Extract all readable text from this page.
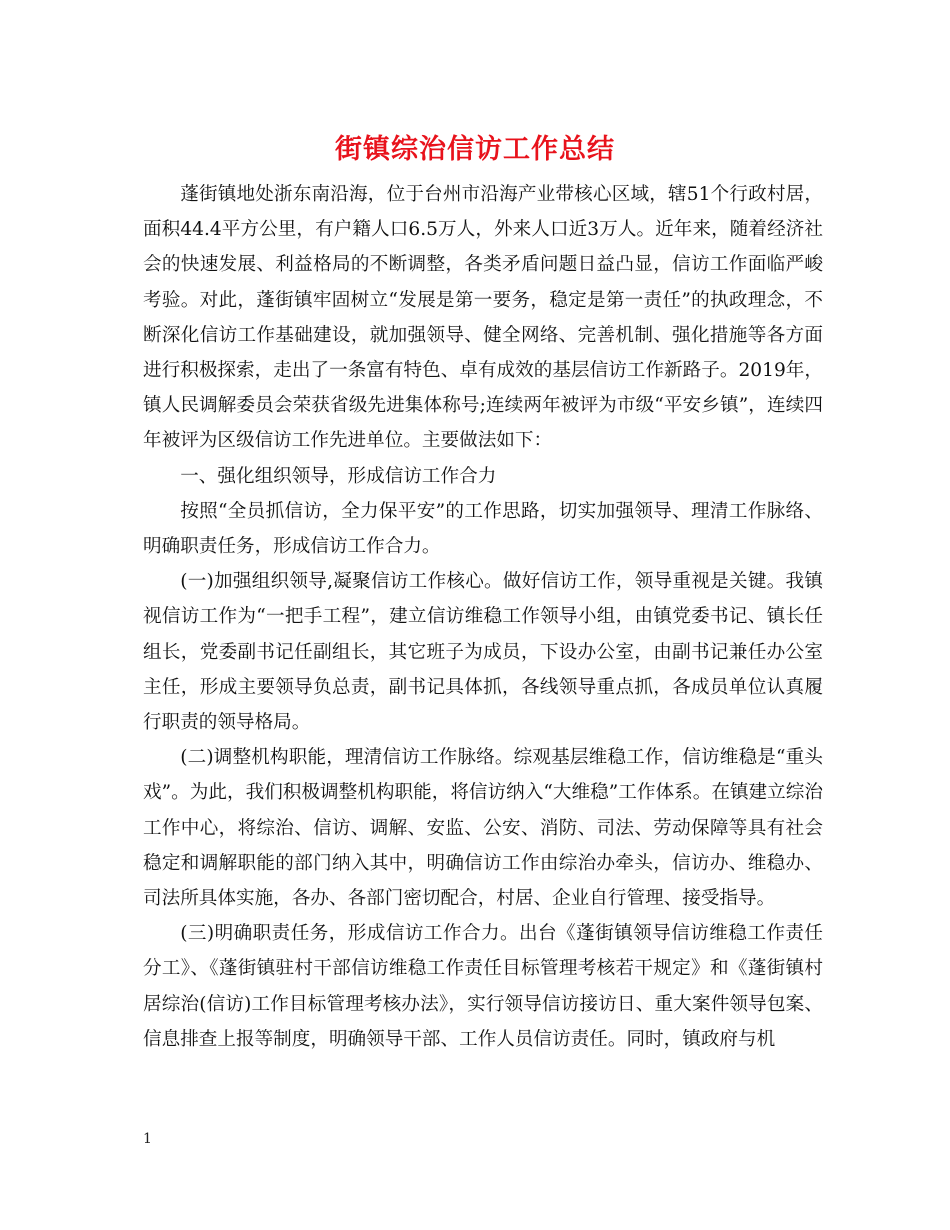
街镇综治信访工作总结

蓬街镇地处浙东南沿海，位于台州市沿海产业带核心区域，辖51个行政村居，面积44.4平方公里，有户籍人口6.5万人，外来人口近3万人。近年来，随着经济社会的快速发展、利益格局的不断调整，各类矛盾问题日益凸显，信访工作面临严峻考验。对此，蓬街镇牢固树立“发展是第一要务，稳定是第一责任”的执政理念，不断深化信访工作基础建设，就加强领导、健全网络、完善机制、强化措施等各方面进行积极探索，走出了一条富有特色、卓有成效的基层信访工作新路子。2019年，镇人民调解委员会荣获省级先进集体称号;连续两年被评为市级“平安乡镇”，连续四年被评为区级信访工作先进单位。主要做法如下：

一、强化组织领导，形成信访工作合力

按照“全员抓信访，全力保平安”的工作思路，切实加强领导、理清工作脉络、明确职责任务，形成信访工作合力。

(一)加强组织领导,凝聚信访工作核心。做好信访工作，领导重视是关键。我镇视信访工作为“一把手工程”，建立信访维稳工作领导小组，由镇党委书记、镇长任组长，党委副书记任副组长，其它班子为成员，下设办公室，由副书记兼任办公室主任，形成主要领导负总责，副书记具体抓，各线领导重点抓，各成员单位认真履行职责的领导格局。

(二)调整机构职能，理清信访工作脉络。综观基层维稳工作，信访维稳是“重头戏”。为此，我们积极调整机构职能，将信访纳入“大维稳”工作体系。在镇建立综治工作中心，将综治、信访、调解、安监、公安、消防、司法、劳动保障等具有社会稳定和调解职能的部门纳入其中，明确信访工作由综治办牵头，信访办、维稳办、司法所具体实施，各办、各部门密切配合，村居、企业自行管理、接受指导。

(三)明确职责任务，形成信访工作合力。出台《蓬街镇领导信访维稳工作责任分工》、《蓬街镇驻村干部信访维稳工作责任目标管理考核若干规定》和《蓬街镇村居综治(信访)工作目标管理考核办法》，实行领导信访接访日、重大案件领导包案、信息排查上报等制度，明确领导干部、工作人员信访责任。同时，镇政府与机

1
